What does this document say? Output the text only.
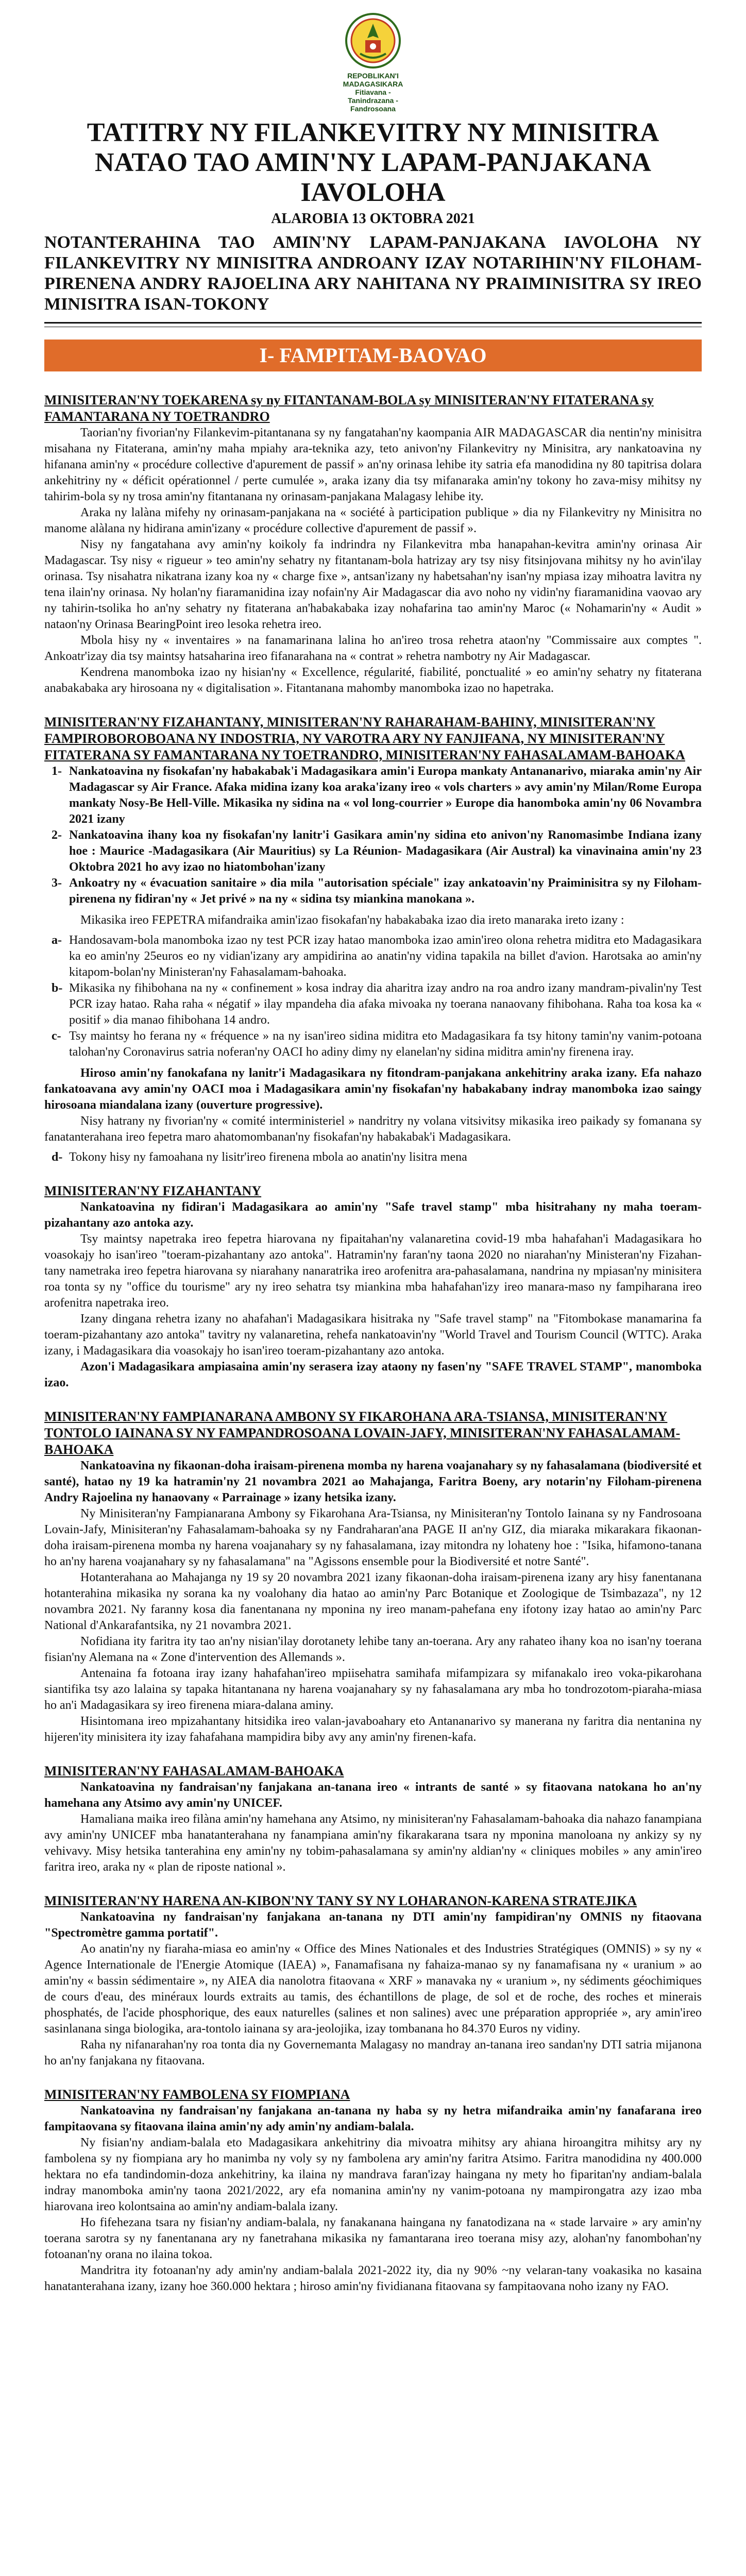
REPOBLIKAN'I MADAGASIKARA
Fitiavana - Tanindrazana - Fandrosoana
TATITRY NY FILANKEVITRY NY MINISITRA NATAO TAO AMIN'NY LAPAM-PANJAKANA IAVOLOHA
ALAROBIA 13 OKTOBRA 2021
NOTANTERAHINA TAO AMIN'NY LAPAM-PANJAKANA IAVOLOHA NY FILANKEVITRY NY MINISITRA ANDROANY IZAY NOTARIHIN'NY FILOHAM-PIRENENA ANDRY RAJOELINA ARY NAHITANA NY PRAIMINISITRA SY IREO MINISITRA ISAN-TOKONY
I- FAMPITAM-BAOVAO
MINISITERAN'NY TOEKARENA sy ny FITANTANAM-BOLA sy MINISITERAN'NY FITATERANA sy FAMANTARANA NY TOETRANDRO

Taorian'ny fivorian'ny Filankevim-pitantanana sy ny fangatahan'ny kaompania AIR MADAGASCAR dia nentin'ny minisitra misahana ny Fitaterana, amin'ny maha mpiahy ara-teknika azy, teto anivon'ny Filankevitry ny Minisitra, ary nankatoavina ny hifanana amin'ny « procédure collective d'apurement de passif » an'ny orinasa lehibe ity satria efa manodidina ny 80 tapitrisa dolara ankehitriny ny « déficit opérationnel / perte cumulée », araka izany dia tsy mifanaraka amin'ny tokony ho zava-misy mihitsy ny tahirim-bola sy ny trosa amin'ny fitantanana ny orinasam-panjakana Malagasy lehibe ity.

Araka ny lalàna mifehy ny orinasam-panjakana na « société à participation publique » dia ny Filankevitry ny Minisitra no manome alàlana ny hidirana amin'izany « procédure collective d'apurement de passif ».

Nisy ny fangatahana avy amin'ny koikoly fa indrindra ny Filankevitra mba hanapahan-kevitra amin'ny orinasa Air Madagascar. Tsy nisy « rigueur » teo amin'ny sehatry ny fitantanam-bola hatrizay ary tsy nisy fitsinjovana mihitsy ny ho avin'ilay orinasa. Tsy nisahatra nikatrana izany koa ny « charge fixe », antsan'izany ny habetsahan'ny isan'ny mpiasa izay mihoatra lavitra ny tena ilain'ny orinasa. Ny holan'ny fiaramanidina izay nofain'ny Air Madagascar dia avo noho ny vidin'ny fiaramanidina vaovao ary ny tahirin-tsolika ho an'ny sehatry ny fitaterana an'habakabaka izay nohafarina tao amin'ny Maroc (« Nohamarin'ny « Audit » nataon'ny Orinasa BearingPoint ireo lesoka rehetra ireo.

Mbola hisy ny « inventaires » na fanamarinana lalina ho an'ireo trosa rehetra ataon'ny "Commissaire aux comptes ". Ankoatr'izay dia tsy maintsy hatsaharina ireo fifanarahana na « contrat » rehetra nambotry ny Air Madagascar.

Kendrena manomboka izao ny hisian'ny « Excellence, régularité, fiabilité, ponctualité » eo amin'ny sehatry ny fitaterana anabakabaka ary hirosoana ny « digitalisation ». Fitantanana mahomby manomboka izao no hapetraka.

MINISITERAN'NY FIZAHANTANY, MINISITERAN'NY RAHARAHAM-BAHINY, MINISITERAN'NY FAMPIROBOROBOANA NY INDOSTRIA, NY VAROTRA ARY NY FANJIFANA, NY MINISITERAN'NY FITATERANA SY FAMANTARANA NY TOETRANDRO, MINISITERAN'NY FAHASALAMAM-BAHOAKA
1- Nankatoavina ny fisokafan'ny habakabak'i Madagasikara amin'i Europa mankaty Antananarivo, miaraka amin'ny Air Madagascar sy Air France. Afaka midina izany koa araka'izany ireo « vols charters » avy amin'ny Milan/Rome Europa mankaty Nosy-Be Hell-Ville. Mikasika ny sidina na « vol long-courrier » Europe dia hanomboka amin'ny 06 Novambra 2021 izany
2- Nankatoavina ihany koa ny fisokafan'ny lanitr'i Gasikara amin'ny sidina eto anivon'ny Ranomasimbe Indiana izany hoe : Maurice -Madagasikara (Air Mauritius) sy La Réunion- Madagasikara (Air Austral) ka vinavinaina amin'ny 23 Oktobra 2021 ho avy izao no hiatombohan'izany
3- Ankoatry ny « évacuation sanitaire » dia mila "autorisation spéciale" izay ankatoavin'ny Praiminisitra sy ny Filoham-pirenena ny fidiran'ny « Jet privé » na ny « sidina tsy miankina manokana ».

Mikasika ireo FEPETRA mifandraika amin'izao fisokafan'ny habakabaka izao dia ireto manaraka ireto izany :

a- Handosavam-bola manomboka izao ny test PCR izay hatao manomboka izao amin'ireo olona rehetra miditra eto Madagasikara ka eo amin'ny 25euros eo ny vidian'izany ary ampidirina ao anatin'ny vidina tapakila na billet d'avion. Harotsaka ao amin'ny kitapom-bolan'ny Ministeran'ny Fahasalamam-bahoaka.
b- Mikasika ny fihibohana na ny « confinement » kosa indray dia aharitra izay andro na roa andro izany mandram-pivalin'ny Test PCR izay hatao. Raha raha « négatif » ilay mpandeha dia afaka mivoaka ny toerana nanaovany fihibohana. Raha toa kosa ka « positif » dia manao fihibohana 14 andro.
c- Tsy maintsy ho ferana ny « fréquence » na ny isan'ireo sidina miditra eto Madagasikara fa tsy hitony tamin'ny vanim-potoana talohan'ny Coronavirus satria noferan'ny OACI ho adiny dimy ny elanelan'ny sidina miditra amin'ny firenena iray.

Hiroso amin'ny fanokafana ny lanitr'i Madagasikara ny fitondram-panjakana ankehitriny araka izany. Efa nahazo fankatoavana avy amin'ny OACI moa i Madagasikara amin'ny fisokafan'ny habakabany indray manomboka izao saingy hirosoana miandalana izany (ouverture progressive).

Nisy hatrany ny fivorian'ny « comité interministeriel » nandritry ny volana vitsivitsy mikasika ireo paikady sy fomanana sy fanatanterahana ireo fepetra maro ahatomombanan'ny fisokafan'ny habakabak'i Madagasikara.

d- Tokony hisy ny famoahana ny lisitr'ireo firenena mbola ao anatin'ny lisitra mena
MINISITERAN'NY FIZAHANTANY

Nankatoavina ny fidiran'i Madagasikara ao amin'ny "Safe travel stamp" mba hisitrahany ny maha toeram-pizahantany azo antoka azy.

Tsy maintsy napetraka ireo fepetra hiarovana ny fipaitahan'ny valanaretina covid-19 mba hahafahan'i Madagasikara ho voasokajy ho isan'ireo "toeram-pizahantany azo antoka". Hatramin'ny faran'ny taona 2020 no niarahan'ny Ministeran'ny Fizahan-tany nametraka ireo fepetra hiarovana sy niarahany nanaratrika ireo arofenitra ara-pahasalamana, nandrina ny mpiasan'ny minisitera roa tonta sy ny "office du tourisme" ary ny ireo sehatra tsy miankina mba hahafahan'izy ireo manara-maso ny fampiharana ireo arofenitra napetraka ireo.

Izany dingana rehetra izany no ahafahan'i Madagasikara hisitraka ny "Safe travel stamp" na "Fitombokase manamarina fa toeram-pizahantany azo antoka" tavitry ny valanaretina, rehefa nankatoavin'ny "World Travel and Tourism Council (WTTC). Araka izany, i Madagasikara dia voasokajy ho isan'ireo toeram-pizahantany azo antoka.

Azon'i Madagasikara ampiasaina amin'ny serasera izay ataony ny fasen'ny "SAFE TRAVEL STAMP", manomboka izao.

MINISITERAN'NY FAMPIANARANA AMBONY SY FIKAROHANA ARA-TSIANSA, MINISITERAN'NY TONTOLO IAINANA SY NY FAMPANDROSOANA LOVAIN-JAFY, MINISITERAN'NY FAHASALAMAM-BAHOAKA

Nankatoavina ny fikaonan-doha iraisam-pirenena momba ny harena voajanahary sy ny fahasalamana (biodiversité et santé), hatao ny 19 ka hatramin'ny 21 novambra 2021 ao Mahajanga, Faritra Boeny, ary notarin'ny Filoham-pirenena Andry Rajoelina ny hanaovany « Parrainage » izany hetsika izany.

Ny Minisiteran'ny Fampianarana Ambony sy Fikarohana Ara-Tsiansa, ny Minisiteran'ny Tontolo Iainana sy ny Fandrosoana Lovain-Jafy, Minisiteran'ny Fahasalamam-bahoaka sy ny Fandraharan'ana PAGE II an'ny GIZ, dia miaraka mikarakara fikaonan-doha iraisam-pirenena momba ny harena voajanahary sy ny fahasalamana, izay mitondra ny lohateny hoe : "Isika, hifamono-tanana ho an'ny harena voajanahary sy ny fahasalamana" na "Agissons ensemble pour la Biodiversité et notre Santé".

Hotanterahana ao Mahajanga ny 19 sy 20 novambra 2021 izany fikaonan-doha iraisam-pirenena izany ary hisy fanentanana hotanterahina mikasika ny sorana ka ny voalohany dia hatao ao amin'ny Parc Botanique et Zoologique de Tsimbazaza", ny 12 novambra 2021. Ny faranny kosa dia fanentanana ny mponina ny ireo manam-pahefana eny ifotony izay hatao ao amin'ny Parc National d'Ankarafantsika, ny 21 novambra 2021.

Nofidiana ity faritra ity tao an'ny nisian'ilay dorotanety lehibe tany an-toerana. Ary any rahateo ihany koa no isan'ny toerana fisian'ny Alemana na « Zone d'intervention des Allemands ».

Antenaina fa fotoana iray izany hahafahan'ireo mpiisehatra samihafa mifampizara sy mifanakalo ireo voka-pikarohana siantifika tsy azo lalaina sy tapaka hitantanana ny harena voajanahary sy ny fahasalamana ary mba ho tondrozotom-piaraha-miasa ho an'i Madagasikara sy ireo firenena miara-dalana aminy.

Hisintomana ireo mpizahantany hitsidika ireo valan-javaboahary eto Antananarivo sy manerana ny faritra dia nentanina ny hijeren'ity minisitera ity izay fahafahana mampidira biby avy any amin'ny firenen-kafa.

MINISITERAN'NY FAHASALAMAM-BAHOAKA

Nankatoavina ny fandraisan'ny fanjakana an-tanana ireo « intrants de santé » sy fitaovana natokana ho an'ny hamehana any Atsimo avy amin'ny UNICEF.

Hamaliana maika ireo filàna amin'ny hamehana any Atsimo, ny minisiteran'ny Fahasalamam-bahoaka dia nahazo fanampiana avy amin'ny UNICEF mba hanatanterahana ny fanampiana amin'ny fikarakarana tsara ny mponina manoloana ny ankizy sy ny vehivavy. Misy hetsika tanterahina eny amin'ny ny tobim-pahasalamana sy amin'ny aldian'ny « cliniques mobiles » any amin'ireo faritra ireo, araka ny « plan de riposte national ».

MINISITERAN'NY HARENA AN-KIBON'NY TANY SY NY LOHARANON-KARENA STRATEJIKA

Nankatoavina ny fandraisan'ny fanjakana an-tanana ny DTI amin'ny fampidiran'ny OMNIS ny fitaovana "Spectromètre gamma portatif".

Ao anatin'ny ny fiaraha-miasa eo amin'ny « Office des Mines Nationales et des Industries Stratégiques (OMNIS) » sy ny « Agence Internationale de l'Energie Atomique (IAEA) », Fanamafisana ny fahaiza-manao sy ny fanamafisana ny « uranium » ao amin'ny « bassin sédimentaire », ny AIEA dia nanolotra fitaovana « XRF » manavaka ny « uranium », ny sédiments géochimiques de cours d'eau, des minéraux lourds extraits au tamis, des échantillons de plage, de sol et de roche, des roches et minerais phosphatés, de l'acide phosphorique, des eaux naturelles (salines et non salines) avec une préparation appropriée », ary amin'ireo sasinlanana singa biologika, ara-tontolo iainana sy ara-jeolojika, izay tombanana ho 84.370 Euros ny vidiny.

Raha ny nifanarahan'ny roa tonta dia ny Governemanta Malagasy no mandray an-tanana ireo sandan'ny DTI satria mijanona ho an'ny fanjakana ny fitaovana.

MINISITERAN'NY FAMBOLENA SY FIOMPIANA

Nankatoavina ny fandraisan'ny fanjakana an-tanana ny haba sy ny hetra mifandraika amin'ny fanafarana ireo fampitaovana sy fitaovana ilaina amin'ny ady amin'ny andiam-balala.

Ny fisian'ny andiam-balala eto Madagasikara ankehitriny dia mivoatra mihitsy ary ahiana hiroangitra mihitsy ary ny fambolena sy ny fiompiana ary ho manimba ny voly sy ny fambolena ary amin'ny faritra Atsimo. Faritra manodidina ny 400.000 hektara no efa tandindomin-doza ankehitriny, ka ilaina ny mandrava faran'izay haingana ny mety ho fiparitan'ny andiam-balala indray manomboka amin'ny taona 2021/2022, ary efa nomanina amin'ny ny vanim-potoana ny mampirongatra azy izao mba hiarovana ireo kolontsaina ao amin'ny andiam-balala izany.

Ho fifehezana tsara ny fisian'ny andiam-balala, ny fanakanana haingana ny fanatodizana na « stade larvaire » ary amin'ny toerana sarotra sy ny fanentanana ary ny fanetrahana mikasika ny famantarana ireo toerana misy azy, alohan'ny fanombohan'ny fotoanan'ny orana no ilaina tokoa.

Mandritra ity fotoanan'ny ady amin'ny andiam-balala 2021-2022 ity, dia ny 90% ~ny velaran-tany voakasika no kasaina hanatanterahana izany, izany hoe 360.000 hektara ; hiroso amin'ny fividianana fitaovana sy fampitaovana noho izany ny FAO.
